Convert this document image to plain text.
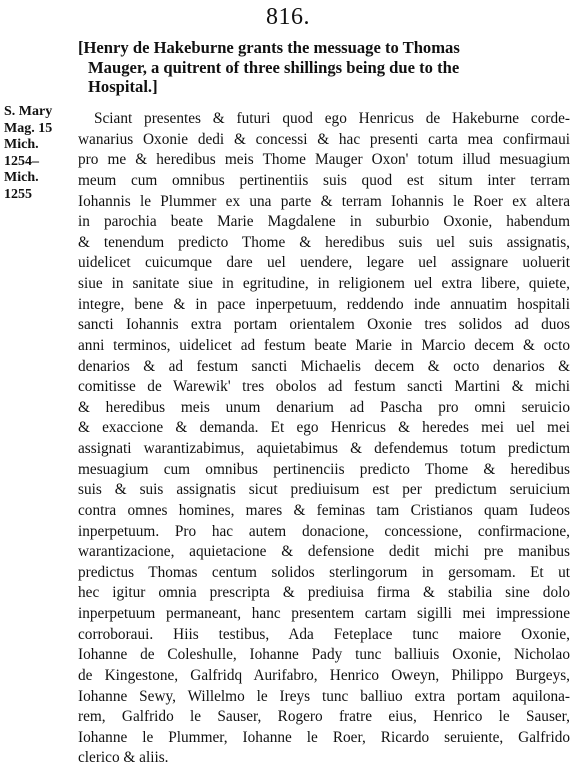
816.
[Henry de Hakeburne grants the messuage to Thomas
Mauger, a quitrent of three shillings being due to the
Hospital.]
S. Mary
Mag. 15
Mich.
1254–
Mich.
1255
Sciant presentes & futuri quod ego Henricus de Hakeburne corde-
wanarius Oxonie dedi & concessi & hac presenti carta mea confirmaui
pro me & heredibus meis Thome Mauger Oxon' totum illud mesuagium
meum cum omnibus pertinentiis suis quod est situm inter terram
Iohannis le Plummer ex una parte & terram Iohannis le Roer ex altera
in parochia beate Marie Magdalene in suburbio Oxonie, habendum
& tenendum predicto Thome & heredibus suis uel suis assignatis,
uidelicet cuicumque dare uel uendere, legare uel assignare uoluerit
siue in sanitate siue in egritudine, in religionem uel extra libere, quiete,
integre, bene & in pace inperpetuum, reddendo inde annuatim hospitali
sancti Iohannis extra portam orientalem Oxonie tres solidos ad duos
anni terminos, uidelicet ad festum beate Marie in Marcio decem & octo
denarios & ad festum sancti Michaelis decem & octo denarios &
comitisse de Warewik' tres obolos ad festum sancti Martini & michi
& heredibus meis unum denarium ad Pascha pro omni seruicio
& exaccione & demanda. Et ego Henricus & heredes mei uel mei
assignati warantizabimus, aquietabimus & defendemus totum predictum
mesuagium cum omnibus pertinenciis predicto Thome & heredibus
suis & suis assignatis sicut prediuisum est per predictum seruicium
contra omnes homines, mares & feminas tam Cristianos quam Iudeos
inperpetuum. Pro hac autem donacione, concessione, confirmacione,
warantizacione, aquietacione & defensione dedit michi pre manibus
predictus Thomas centum solidos sterlingorum in gersomam. Et ut
hec igitur omnia prescripta & prediuisa firma & stabilia sine dolo
inperpetuum permaneant, hanc presentem cartam sigilli mei impressione
corroboraui. Hiis testibus, Ada Feteplace tunc maiore Oxonie,
Iohanne de Coleshulle, Iohanne Pady tunc balliuis Oxonie, Nicholao
de Kingestone, Galfridq Aurifabro, Henrico Oweyn, Philippo Burgeys,
Iohanne Sewy, Willelmo le Ireys tunc balliuo extra portam aquilona-
rem, Galfrido le Sauser, Rogero fratre eius, Henrico le Sauser,
Iohanne le Plummer, Iohanne le Roer, Ricardo seruiente, Galfrido
clerico & aliis.
